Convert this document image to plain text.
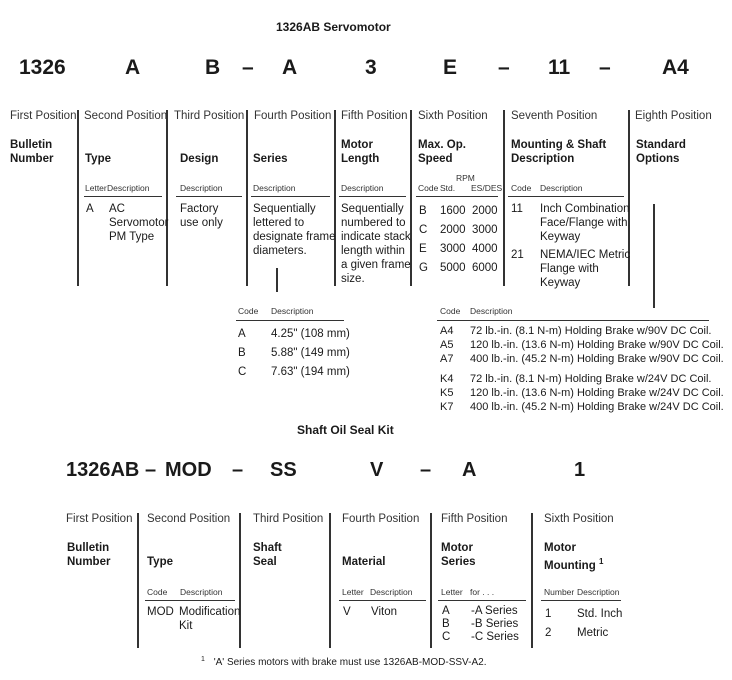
1326AB Servomotor
1326	A	B – A	3	E – 11 – A4
First Position Second Position Third Position Fourth Position Fifth Position Sixth Position Seventh Position	Eighth Position
Bulletin
Number	Type
Letter Description
A AC
Servomotor
PM Type
Design
Description
Factory
use only
Series
Description
Sequentially
lettered to
designate frame
diameters.
Motor
Length
Description
Sequentially
numbered to
indicate stack
length within
a given frame
size.
Max. Op.
Speed
RPM
Code Std. ES/DES
B 1600 2000
C 2000 3000
E 3000 4000
G 5000 6000
Mounting & Shaft
Description
Code Description
11 Inch Combination
Face/Flange with
Keyway
21 NEMA/IEC Metric
Flange with
Keyway
Standard
Options
Code Description
A 4.25" (108 mm)
B 5.88" (149 mm)
C 7.63" (194 mm)
Code Description
A4 72 lb.-in. (8.1 N-m) Holding Brake w/90V DC Coil.
A5 120 lb.-in. (13.6 N-m) Holding Brake w/90V DC Coil.
A7 400 lb.-in. (45.2 N-m) Holding Brake w/90V DC Coil.
K4 72 lb.-in. (8.1 N-m) Holding Brake w/24V DC Coil.
K5 120 lb.-in. (13.6 N-m) Holding Brake w/24V DC Coil.
K7 400 lb.-in. (45.2 N-m) Holding Brake w/24V DC Coil.
Shaft Oil Seal Kit
1326AB – MOD – SS	V – A	1
First Position Second Position Third Position Fourth Position Fifth Position	Sixth Position
Bulletin
Number	Type
Code Description
MOD Modification
Kit
Shaft
Seal	Material
Letter Description
V Viton
Motor
Series
Letter for . . .
A -A Series
B -B Series
C -C Series
Motor
Mounting $^1$
Number Description
1 Std. Inch
2 Metric
$^1$ 'A' Series motors with brake must use 1326AB-MOD-SSV-A2.
